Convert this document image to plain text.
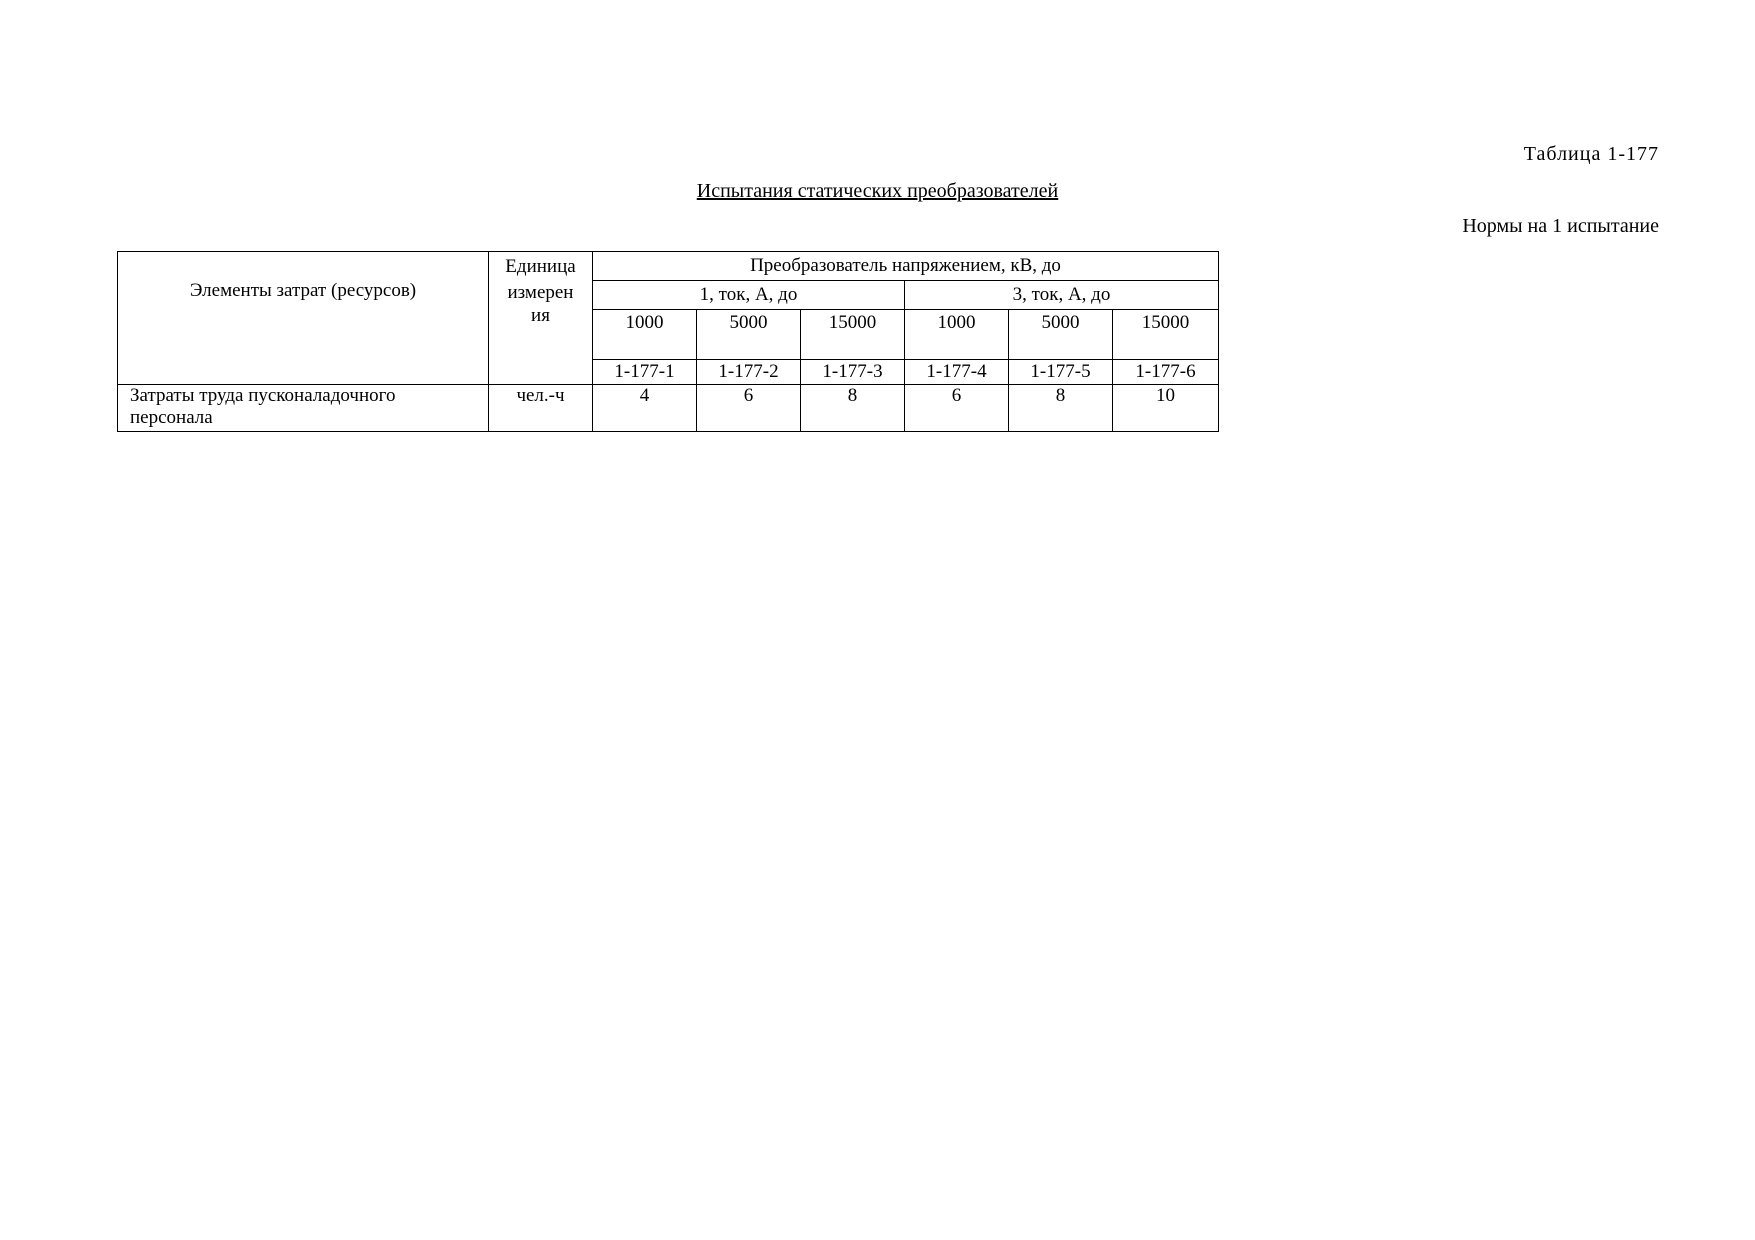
Таблица 1-177
Испытания статических преобразователей
Нормы на 1 испытание
Элементы затрат (ресурсов)	Единица
измерен
ия	Преобразователь напряжением, кВ, до					
		1, ток, А, до			3, ток, А, до		
		1000	5000	15000	1000	5000	15000
		1-177-1	1-177-2	1-177-3	1-177-4	1-177-5	1-177-6

Затраты труда пусконаладочного
персонала	чел.-ч	4	6	8	6	8	10
